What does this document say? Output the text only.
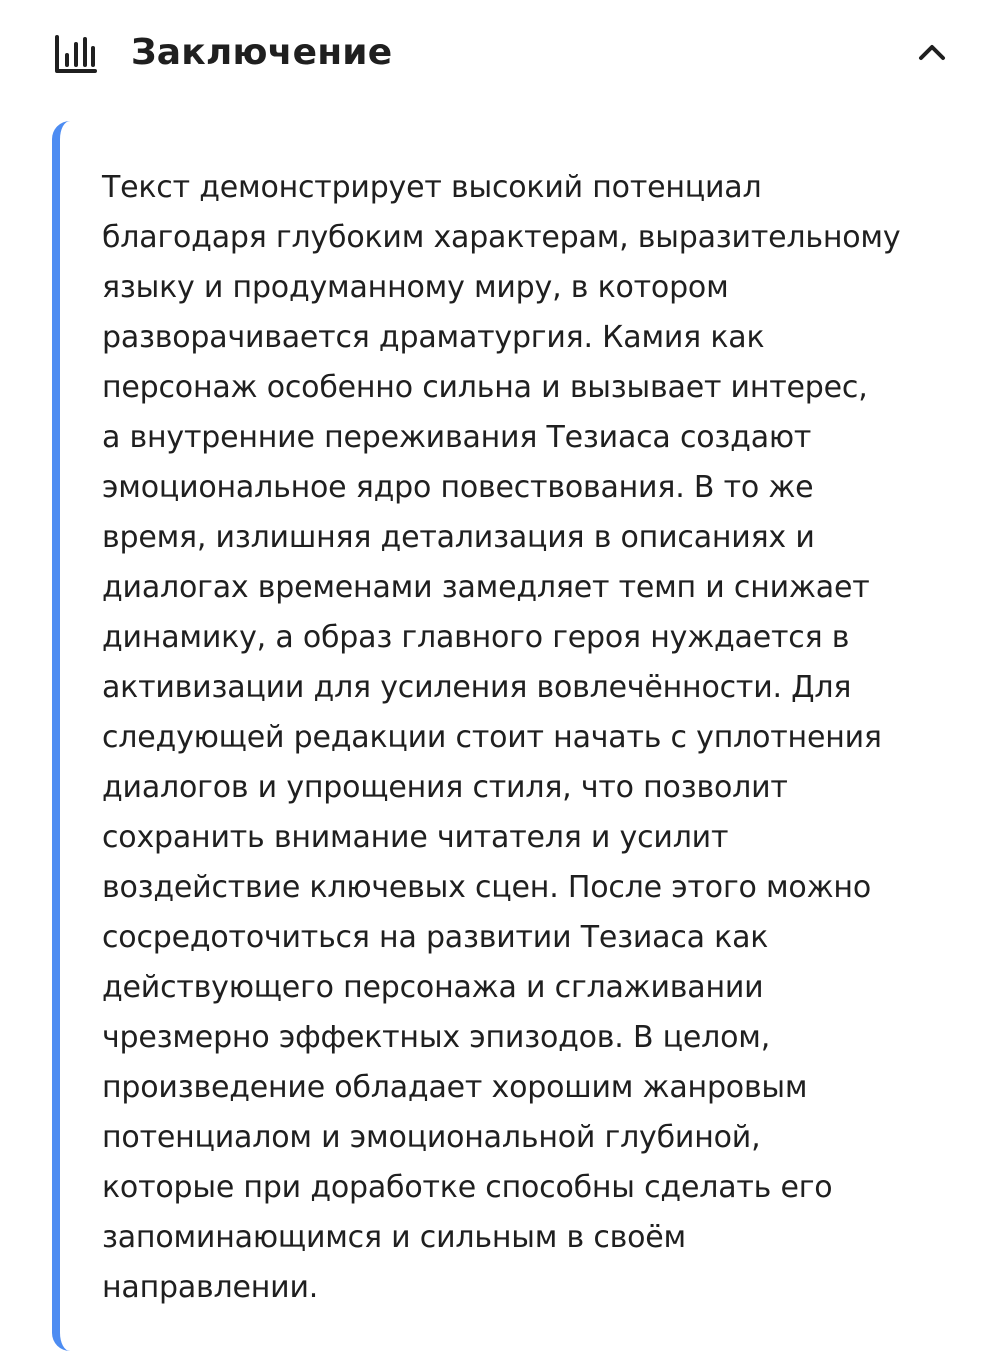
Заключение

Текст демонстрирует высокий потенциал
благодаря глубоким характерам, выразительному
языку и продуманному миру, в котором
разворачивается драматургия. Камия как
персонаж особенно сильна и вызывает интерес,
а внутренние переживания Тезиаса создают
эмоциональное ядро повествования. В то же
время, излишняя детализация в описаниях и
диалогах временами замедляет темп и снижает
динамику, а образ главного героя нуждается в
активизации для усиления вовлечённости. Для
следующей редакции стоит начать с уплотнения
диалогов и упрощения стиля, что позволит
сохранить внимание читателя и усилит
воздействие ключевых сцен. После этого можно
сосредоточиться на развитии Тезиаса как
действующего персонажа и сглаживании
чрезмерно эффектных эпизодов. В целом,
произведение обладает хорошим жанровым
потенциалом и эмоциональной глубиной,
которые при доработке способны сделать его
запоминающимся и сильным в своём
направлении.
